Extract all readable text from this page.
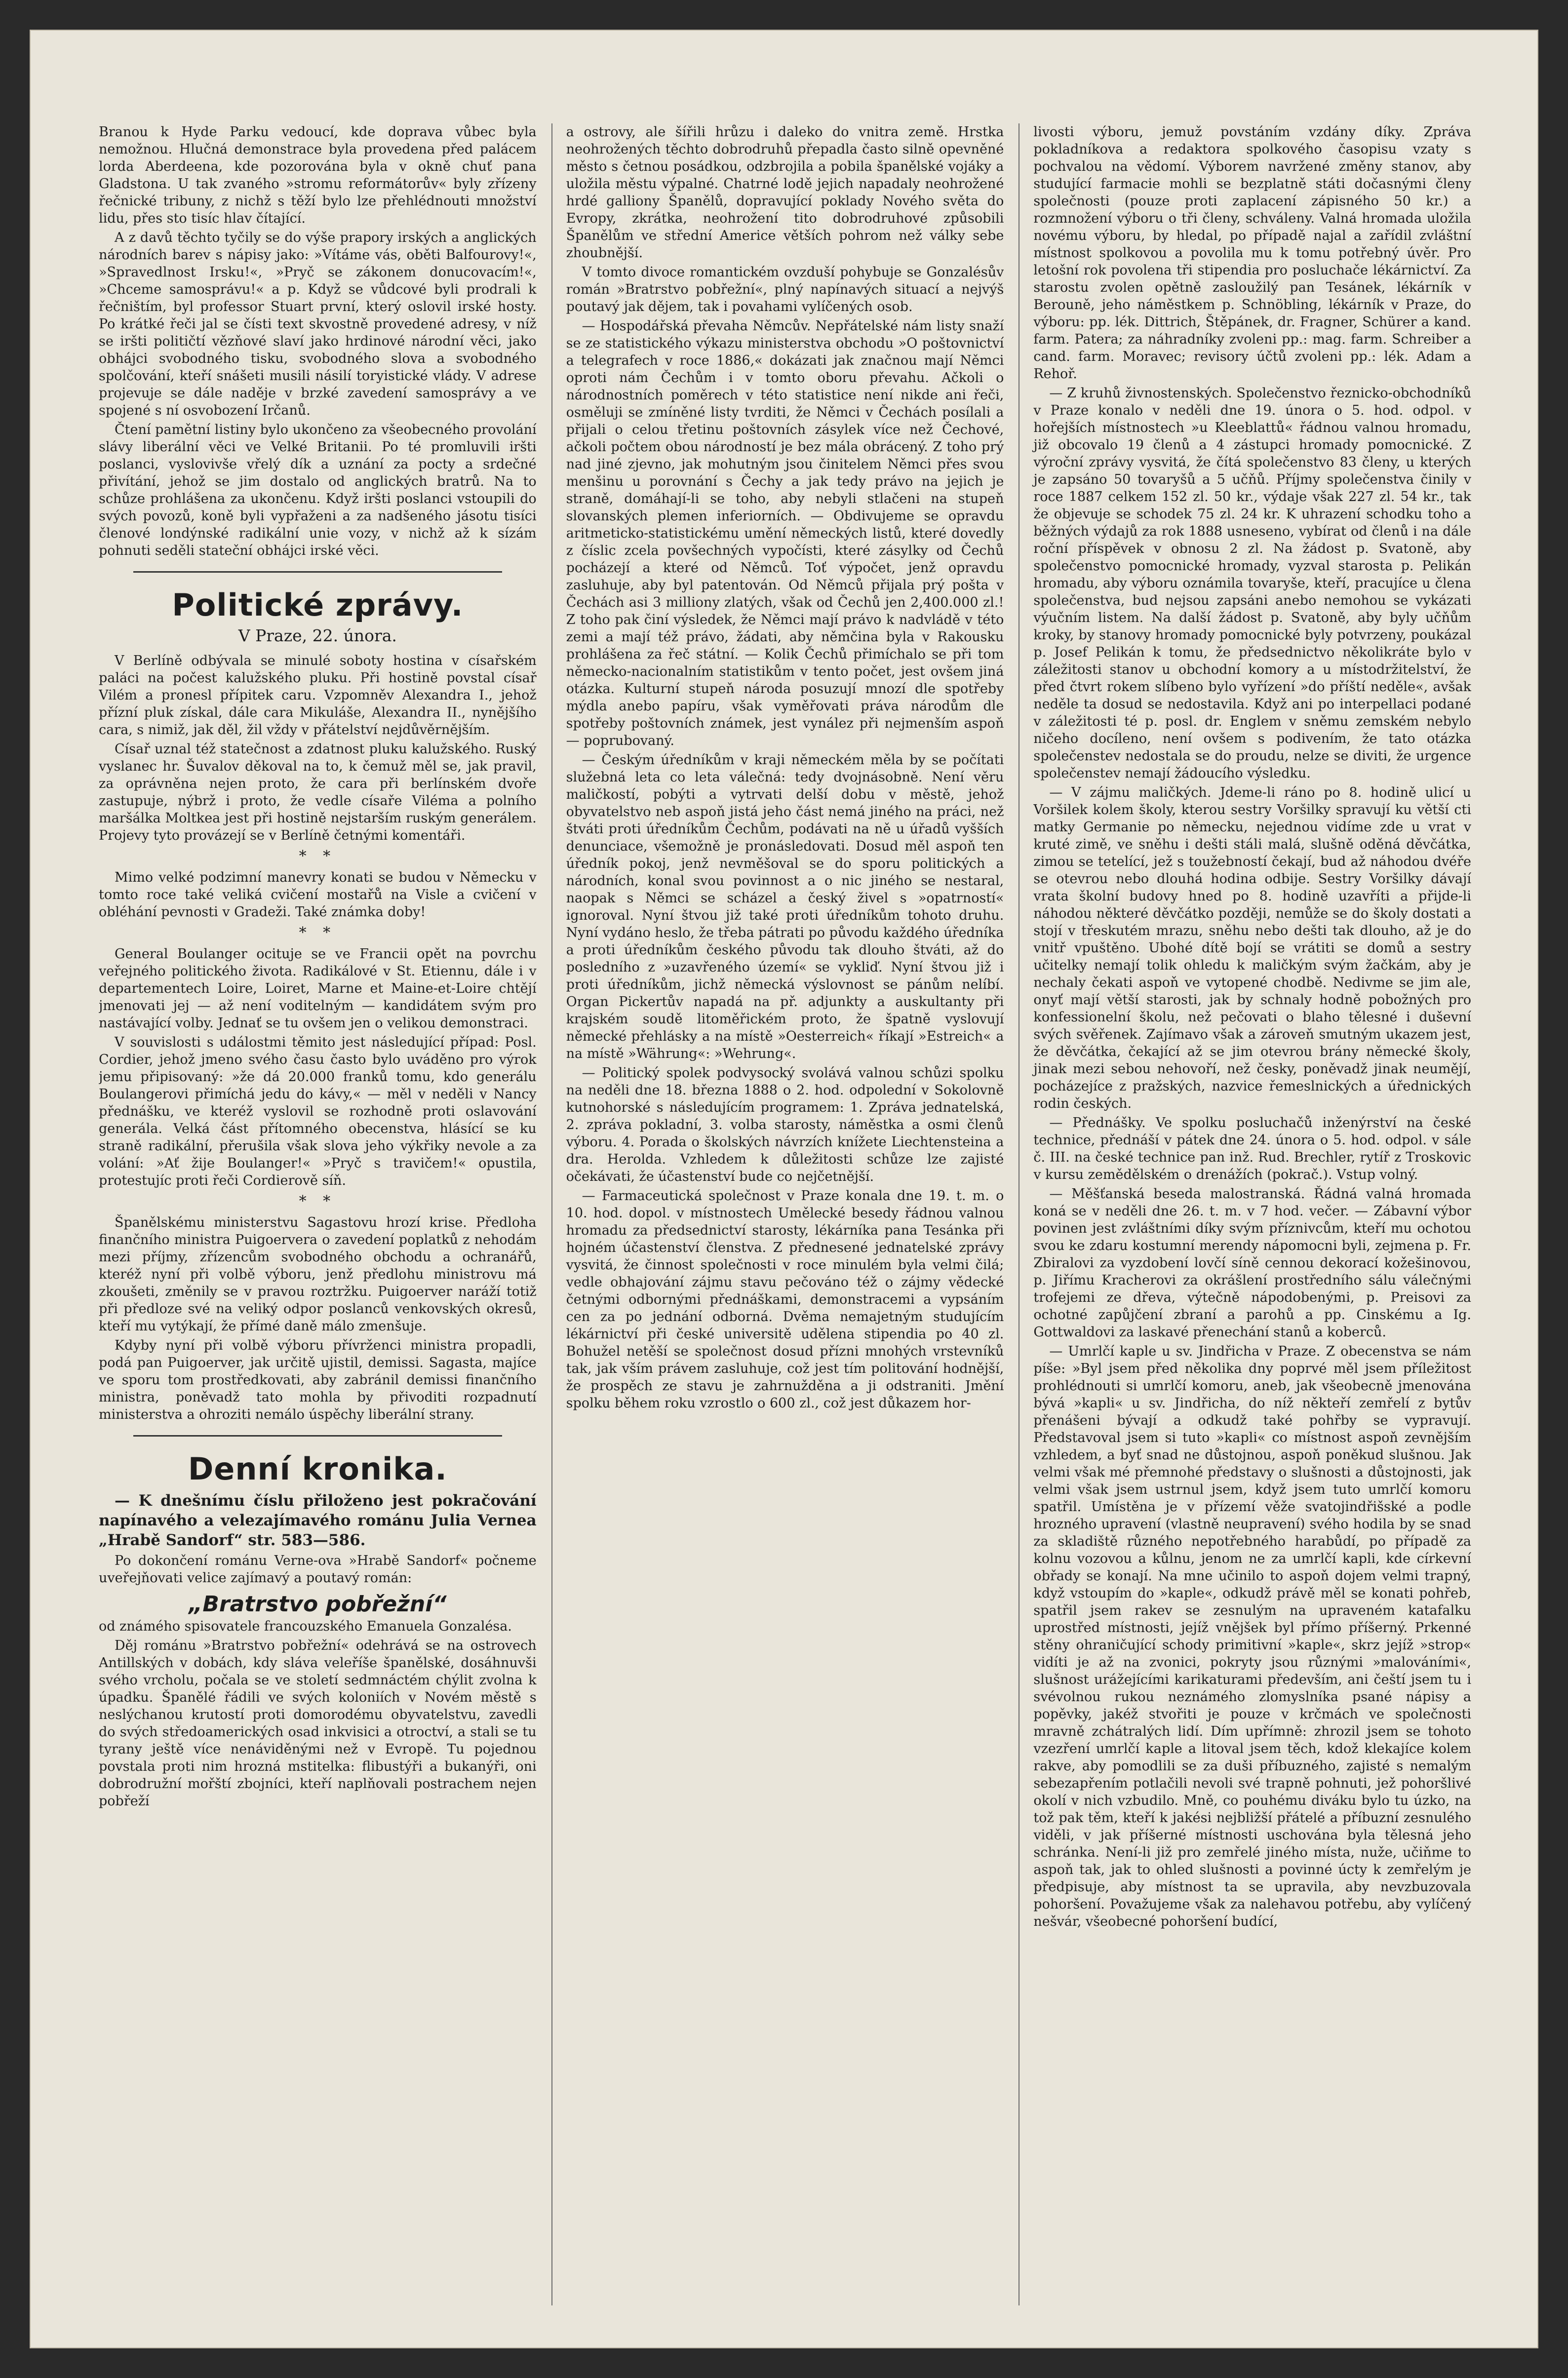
Branou k Hyde Parku vedoucí, kde doprava vůbec byla nemožnou. Hlučná demonstrace byla provedena před palácem lorda Aberdeena, kde pozorována byla v okně chuť pana Gladstona. U tak zvaného »stromu reformátorův« byly zřízeny řečnické tribuny, z nichž s těží bylo lze přehlédnouti množství lidu, přes sto tisíc hlav čítající.

A z davů těchto tyčily se do výše prapory irských a anglických národních barev s nápisy jako: »Vítáme vás, oběti Balfourovy!«, »Spravedlnost Irsku!«, »Pryč se zákonem donucovacím!«, »Chceme samosprávu!« a p. Když se vůdcové byli prodrali k řečništím, byl professor Stuart první, který oslovil irské hosty. Po krátké řeči jal se čísti text skvostně provedené adresy, v níž se iršti političtí vězňové slaví jako hrdinové národní věci, jako obhájci svobodného tisku, svobodného slova a svobodného spolčování, kteří snášeti musili násilí toryistické vlády. V adrese projevuje se dále naděje v brzké zavedení samosprávy a ve spojené s ní osvobození Irčanů.

Čtení pamětní listiny bylo ukončeno za všeobecného provolání slávy liberální věci ve Velké Britanii. Po té promluvili iršti poslanci, vyslovivše vřelý dík a uznání za pocty a srdečné přivítání, jehož se jim dostalo od anglických bratrů. Na to schůze prohlášena za ukončenu. Když iršti poslanci vstoupili do svých povozů, koně byli vypřaženi a za nadšeného jásotu tisíci členové londýnské radikální unie vozy, v nichž až k sízám pohnuti seděli stateční obhájci irské věci.

Politické zprávy.
V Praze, 22. února.

V Berlíně odbývala se minulé soboty hostina v císařském paláci na počest kalužského pluku. Při hostině povstal císař Vilém a pronesl přípitek caru. Vzpomněv Alexandra I., jehož přízní pluk získal, dále cara Mikuláše, Alexandra II., nynějšího cara, s nimiž, jak děl, žil vždy v přátelství nejdůvěrnějším.

Císař uznal též statečnost a zdatnost pluku kalužského. Ruský vyslanec hr. Šuvalov děkoval na to, k čemuž měl se, jak pravil, za oprávněna nejen proto, že cara při berlínském dvoře zastupuje, nýbrž i proto, že vedle císaře Viléma a polního maršálka Moltkea jest při hostině nejstarším ruským generálem. Projevy tyto provázejí se v Berlíně četnými komentáři.

* *

Mimo velké podzimní manevry konati se budou v Německu v tomto roce také veliká cvičení mostařů na Visle a cvičení v obléhání pevnosti v Gradeži. Také známka doby!

* *

General Boulanger ocituje se ve Francii opět na povrchu veřejného politického života. Radikálové v St. Etiennu, dále i v departementech Loire, Loiret, Marne et Maine-et-Loire chtějí jmenovati jej — až není voditelným — kandidátem svým pro nastávající volby. Jednať se tu ovšem jen o velikou demonstraci.

V souvislosti s událostmi těmito jest následující případ: Posl. Cordier, jehož jmeno svého času často bylo uváděno pro výrok jemu připisovaný: »že dá 20.000 franků tomu, kdo generálu Boulangerovi přimíchá jedu do kávy,« — měl v neděli v Nancy přednášku, ve kteréž vyslovil se rozhodně proti oslavování generála. Velká část přítomného obecenstva, hlásící se ku straně radikální, přerušila však slova jeho výkřiky nevole a za volání: »Ať žije Boulanger!« »Pryč s travičem!« opustila, protestujíc proti řeči Cordierově síň.

* *

Španělskému ministerstvu Sagastovu hrozí krise. Předloha finančního ministra Puigoervera o zavedení poplatků z nehodám mezi příjmy, zřízencům svobodného obchodu a ochranářů, kteréž nyní při volbě výboru, jenž předlohu ministrovu má zkoušeti, změnily se v pravou roztržku. Puigoerver naráží totiž při předloze své na veliký odpor poslanců venkovských okresů, kteří mu vytýkají, že přímé daně málo zmenšuje.

Kdyby nyní při volbě výboru přívrženci ministra propadli, podá pan Puigoerver, jak určitě ujistil, demissi. Sagasta, majíce ve sporu tom prostředkovati, aby zabránil demissi finančního ministra, poněvadž tato mohla by přivoditi rozpadnutí ministerstva a ohroziti nemálo úspěchy liberální strany.

Denní kronika.

— K dnešnímu číslu přiloženo jest pokračování napínavého a velezajímavého románu Julia Vernea „Hrabě Sandorf“ str. 583—586.

Po dokončení románu Verne-ova »Hrabě Sandorf« počneme uveřejňovati velice zajímavý a poutavý román:

„Bratrstvo pobřežní“

od známého spisovatele francouzského Emanuela Gonzalésa.

Děj románu »Bratrstvo pobřežní« odehrává se na ostrovech Antillských v dobách, kdy sláva veleříše španělské, dosáhnuvši svého vrcholu, počala se ve století sedmnáctém chýlit zvolna k úpadku. Španělé řádili ve svých koloniích v Novém městě s neslýchanou krutostí proti domorodému obyvatelstvu, zavedli do svých středoamerických osad inkvisici a otroctví, a stali se tu tyrany ještě více nenáviděnými než v Evropě. Tu pojednou povstala proti nim hrozná mstitelka: flibustýři a bukanýři, oni dobrodružní mořští zbojníci, kteří naplňovali postrachem nejen pobřeží

a ostrovy, ale šířili hrůzu i daleko do vnitra země. Hrstka neohrožených těchto dobrodruhů přepadla často silně opevněné město s četnou posádkou, odzbrojila a pobila španělské vojáky a uložila městu výpalné. Chatrné lodě jejich napadaly neohrožené hrdé galliony Španělů, dopravující poklady Nového světa do Evropy, zkrátka, neohrožení tito dobrodruhové způsobili Španělům ve střední Americe větších pohrom než války sebe zhoubnější.

V tomto divoce romantickém ovzduší pohybuje se Gonzalésův román »Bratrstvo pobřežní«, plný napínavých situací a nejvýš poutavý jak dějem, tak i povahami vylíčených osob.

— Hospodářská převaha Němcův. Nepřátelské nám listy snaží se ze statistického výkazu ministerstva obchodu »O poštovnictví a telegrafech v roce 1886,« dokázati jak značnou mají Němci oproti nám Čechům i v tomto oboru převahu. Ačkoli o národnostních poměrech v této statistice není nikde ani řeči, osměluji se zmíněné listy tvrditi, že Němci v Čechách posílali a přijali o celou třetinu poštovních zásylek více než Čechové, ačkoli počtem obou národností je bez mála obrácený. Z toho prý nad jiné zjevno, jak mohutným jsou činitelem Němci přes svou menšinu u porovnání s Čechy a jak tedy právo na jejich je straně, domáhají-li se toho, aby nebyli stlačeni na stupeň slovanských plemen inferiorních. — Obdivujeme se opravdu aritmeticko-statistickému umění německých listů, které dovedly z číslic zcela povšechných vypočísti, které zásylky od Čechů pocházejí a které od Němců. Toť výpočet, jenž opravdu zasluhuje, aby byl patentován. Od Němců přijala prý pošta v Čechách asi 3 milliony zlatých, však od Čechů jen 2,400.000 zl.! Z toho pak činí výsledek, že Němci mají právo k nadvládě v této zemi a mají též právo, žádati, aby němčina byla v Rakousku prohlášena za řeč státní. — Kolik Čechů přimíchalo se při tom německo-nacionalním statistikům v tento počet, jest ovšem jiná otázka. Kulturní stupeň národa posuzují mnozí dle spotřeby mýdla anebo papíru, však vyměřovati práva národům dle spotřeby poštovních známek, jest vynález při nejmenším aspoň — poprubovaný.

— Českým úředníkům v kraji německém měla by se počítati služebná leta co leta válečná: tedy dvojnásobně. Není věru maličkostí, pobýti a vytrvati delší dobu v městě, jehož obyvatelstvo neb aspoň jistá jeho část nemá jiného na práci, než štváti proti úředníkům Čechům, podávati na ně u úřadů vyšších denunciace, všemožně je pronásledovati. Dosud měl aspoň ten úředník pokoj, jenž nevměšoval se do sporu politických a národních, konal svou povinnost a o nic jiného se nestaral, naopak s Němci se scházel a český živel s »opatrností« ignoroval. Nyní štvou již také proti úředníkům tohoto druhu. Nyní vydáno heslo, že třeba pátrati po původu každého úředníka a proti úředníkům českého původu tak dlouho štváti, až do posledního z »uzavřeného území« se vykliď. Nyní štvou již i proti úředníkům, jichž německá výslovnost se pánům nelíbí. Organ Pickertův napadá na př. adjunkty a auskultanty při krajském soudě litoměřickém proto, že špatně vyslovují německé přehlásky a na místě »Oesterreich« říkají »Estreich« a na místě »Währung«: »Wehrung«.

— Politický spolek podvysocký svolává valnou schůzi spolku na neděli dne 18. března 1888 o 2. hod. odpolední v Sokolovně kutnohorské s následujícím programem: 1. Zpráva jednatelská, 2. zpráva pokladní, 3. volba starosty, náměstka a osmi členů výboru. 4. Porada o školských návrzích knížete Liechtensteina a dra. Herolda. Vzhledem k důležitosti schůze lze zajisté očekávati, že účastenství bude co nejčetnější.

— Farmaceutická společnost v Praze konala dne 19. t. m. o 10. hod. dopol. v místnostech Umělecké besedy řádnou valnou hromadu za předsednictví starosty, lékárníka pana Tesánka při hojném účastenství členstva. Z přednesené jednatelské zprávy vysvitá, že činnost společnosti v roce minulém byla velmi čilá; vedle obhajování zájmu stavu pečováno též o zájmy vědecké četnými odbornými přednáškami, demonstracemi a vypsáním cen za po jednání odborná. Dvěma nemajetným studujícím lékárnictví při české universitě udělena stipendia po 40 zl. Bohužel netěší se společnost dosud přízni mnohých vrstevníků tak, jak vším právem zasluhuje, což jest tím politování hodnější, že prospěch ze stavu je zahrnužděna a ji odstraniti. Jmění spolku během roku vzrostlo o 600 zl., což jest důkazem hor-

livosti výboru, jemuž povstáním vzdány díky. Zpráva pokladníkova a redaktora spolkového časopisu vzaty s pochvalou na vědomí. Výborem navržené změny stanov, aby studující farmacie mohli se bezplatně státi dočasnými členy společnosti (pouze proti zaplacení zápisného 50 kr.) a rozmnožení výboru o tři členy, schváleny. Valná hromada uložila novému výboru, by hledal, po případě najal a zařídil zvláštní místnost spolkovou a povolila mu k tomu potřebný úvěr. Pro letošní rok povolena tři stipendia pro posluchače lékárnictví. Za starostu zvolen opětně zasloužilý pan Tesánek, lékárník v Berouně, jeho náměstkem p. Schnöbling, lékárník v Praze, do výboru: pp. lék. Dittrich, Štěpánek, dr. Fragner, Schürer a kand. farm. Patera; za náhradníky zvoleni pp.: mag. farm. Schreiber a cand. farm. Moravec; revisory účtů zvoleni pp.: lék. Adam a Rehoř.

— Z kruhů živnostenských. Společenstvo řeznicko-obchodníků v Praze konalo v neděli dne 19. února o 5. hod. odpol. v hořejších místnostech »u Kleeblattů« řádnou valnou hromadu, již obcovalo 19 členů a 4 zástupci hromady pomocnické. Z výroční zprávy vysvitá, že čítá společenstvo 83 členy, u kterých je zapsáno 50 tovaryšů a 5 učňů. Příjmy společenstva činily v roce 1887 celkem 152 zl. 50 kr., výdaje však 227 zl. 54 kr., tak že objevuje se schodek 75 zl. 24 kr. K uhrazení schodku toho a běžných výdajů za rok 1888 usneseno, vybírat od členů i na dále roční příspěvek v obnosu 2 zl. Na žádost p. Svatoně, aby společenstvo pomocnické hromady, vyzval starosta p. Pelikán hromadu, aby výboru oznámila tovaryše, kteří, pracujíce u člena společenstva, bud nejsou zapsáni anebo nemohou se vykázati výučním listem. Na další žádost p. Svatoně, aby byly učňům kroky, by stanovy hromady pomocnické byly potvrzeny, poukázal p. Josef Pelikán k tomu, že předsednictvo několikráte bylo v záležitosti stanov u obchodní komory a u místodržitelství, že před čtvrt rokem slíbeno bylo vyřízení »do příští neděle«, avšak neděle ta dosud se nedostavila. Když ani po interpellaci podané v záležitosti té p. posl. dr. Englem v sněmu zemském nebylo ničeho docíleno, není ovšem s podivením, že tato otázka společenstev nedostala se do proudu, nelze se diviti, že urgence společenstev nemají žádoucího výsledku.

— V zájmu maličkých. Jdeme-li ráno po 8. hodině ulicí u Voršilek kolem školy, kterou sestry Voršilky spravují ku větší cti matky Germanie po německu, nejednou vidíme zde u vrat v kruté zimě, ve sněhu i dešti stáli malá, slušně oděná děvčátka, zimou se tetelící, jež s toužebností čekají, bud až náhodou dvéře se otevrou nebo dlouhá hodina odbije. Sestry Voršilky dávají vrata školní budovy hned po 8. hodině uzavříti a přijde-li náhodou některé děvčátko později, nemůže se do školy dostati a stojí v třeskutém mrazu, sněhu nebo dešti tak dlouho, až je do vnitř vpuštěno. Ubohé dítě bojí se vrátiti se domů a sestry učitelky nemají tolik ohledu k maličkým svým žačkám, aby je nechaly čekati aspoň ve vytopené chodbě. Nedivme se jim ale, onyť mají větší starosti, jak by schnaly hodně pobožných pro konfessionelní školu, než pečovati o blaho tělesné i duševní svých svěřenek. Zajímavo však a zároveň smutným ukazem jest, že děvčátka, čekající až se jim otevrou brány německé školy, jinak mezi sebou nehovoří, než česky, poněvadž jinak neumějí, pocházejíce z pražských, nazvice řemeslnických a úřednických rodin českých.

— Přednášky. Ve spolku posluchačů inženýrství na české technice, přednáší v pátek dne 24. února o 5. hod. odpol. v sále č. III. na české technice pan inž. Rud. Brechler, rytíř z Troskovic v kursu zemědělském o drenážích (pokrač.). Vstup volný.

— Měšťanská beseda malostranská. Řádná valná hromada koná se v neděli dne 26. t. m. v 7 hod. večer. — Zábavní výbor povinen jest zvláštními díky svým příznivcům, kteří mu ochotou svou ke zdaru kostumní merendy nápomocni byli, zejmena p. Fr. Zbiralovi za vyzdobení lovčí síně cennou dekorací kožešinovou, p. Jiřímu Kracherovi za okrášlení prostředního sálu válečnými trofejemi ze dřeva, výtečně nápodobenými, p. Preisovi za ochotné zapůjčení zbraní a parohů a pp. Cinskému a Ig. Gottwaldovi za laskavé přenechání stanů a koberců.

— Umrlčí kaple u sv. Jindřicha v Praze. Z obecenstva se nám píše: »Byl jsem před několika dny poprvé měl jsem příležitost prohlédnouti si umrlčí komoru, aneb, jak všeobecně jmenována bývá »kapli« u sv. Jindřicha, do níž někteří zemřelí z bytův přenášeni bývají a odkudž také pohřby se vypravují. Představoval jsem si tuto »kapli« co místnost aspoň zevnějším vzhledem, a byť snad ne důstojnou, aspoň poněkud slušnou. Jak velmi však mé přemnohé představy o slušnosti a důstojnosti, jak velmi však jsem ustrnul jsem, když jsem tuto umrlčí komoru spatřil. Umístěna je v přízemí věže svatojindřišské a podle hrozného upravení (vlastně neupravení) svého hodila by se snad za skladiště různého nepotřebného harabůdí, po případě za kolnu vozovou a kůlnu, jenom ne za umrlčí kapli, kde církevní obřady se konají. Na mne učinilo to aspoň dojem velmi trapný, když vstoupím do »kaple«, odkudž právě měl se konati pohřeb, spatřil jsem rakev se zesnulým na upraveném katafalku uprostřed místnosti, jejíž vnějšek byl přímo příšerný. Prkenné stěny ohraničující schody primitivní »kaple«, skrz jejíž »strop« vidíti je až na zvonici, pokryty jsou různými »malováními«, slušnost urážejícími karikaturami především, ani čeští jsem tu i svévolnou rukou neznámého zlomyslníka psané nápisy a popěvky, jakéž stvořiti je pouze v krčmách ve společnosti mravně zchátralých lidí. Dím upřímně: zhrozil jsem se tohoto vzezření umrlčí kaple a litoval jsem těch, kdož klekajíce kolem rakve, aby pomodlili se za duši příbuzného, zajisté s nemalým sebezapřením potlačili nevoli své trapně pohnuti, jež pohoršlivé okolí v nich vzbudilo. Mně, co pouhému diváku bylo tu úzko, na tož pak těm, kteří k jakési nejbližší přátelé a příbuzní zesnulého viděli, v jak příšerné místnosti uschována byla tělesná jeho schránka. Není-li již pro zemřelé jiného místa, nuže, učiňme to aspoň tak, jak to ohled slušnosti a povinné úcty k zemřelým je předpisuje, aby místnost ta se upravila, aby nevzbuzovala pohoršení. Považujeme však za nalehavou potřebu, aby vylíčený nešvár, všeobecné pohoršení budící,
